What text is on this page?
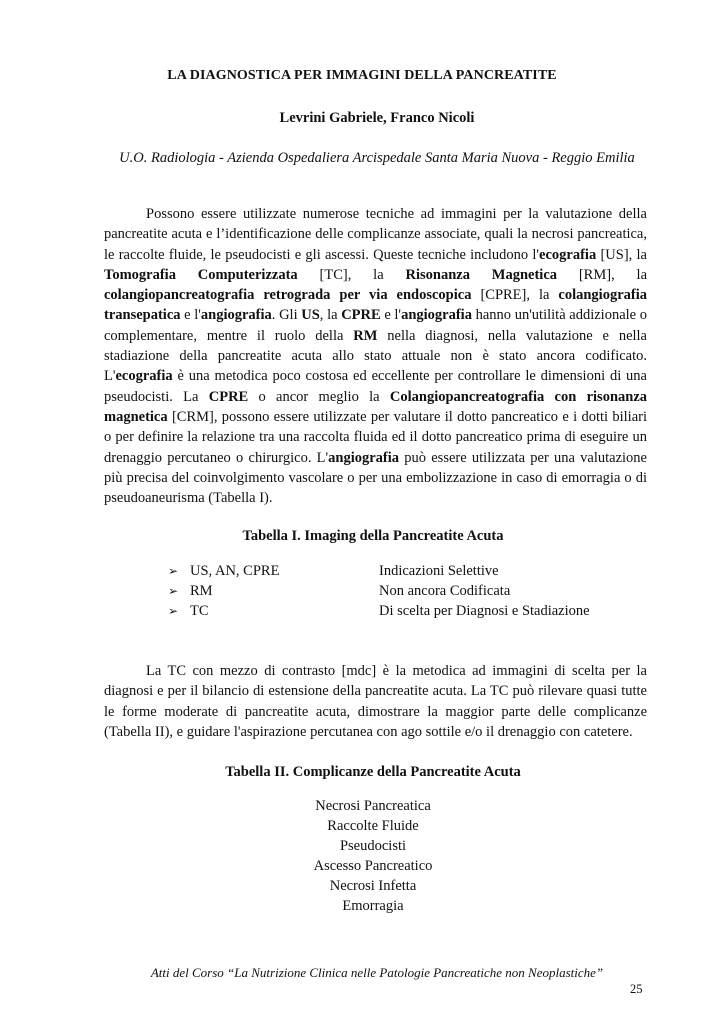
LA DIAGNOSTICA PER IMMAGINI DELLA PANCREATITE
Levrini Gabriele, Franco Nicoli
U.O. Radiologia - Azienda Ospedaliera Arcispedale Santa Maria Nuova - Reggio Emilia

Possono essere utilizzate numerose tecniche ad immagini per la valutazione della pancreatite acuta e l’identificazione delle complicanze associate, quali la necrosi pancreatica, le raccolte fluide, le pseudocisti e gli ascessi. Queste tecniche includono l'ecografia [US], la Tomografia Computerizzata [TC], la Risonanza Magnetica [RM], la colangiopancreatografia retrograda per via endoscopica [CPRE], la colangiografia transepatica e l'angiografia. Gli US, la CPRE e l'angiografia hanno un'utilità addizionale o complementare, mentre il ruolo della RM nella diagnosi, nella valutazione e nella stadiazione della pancreatite acuta allo stato attuale non è stato ancora codificato. L'ecografia è una metodica poco costosa ed eccellente per controllare le dimensioni di una pseudocisti. La CPRE o ancor meglio la Colangiopancreatografia con risonanza magnetica [CRM], possono essere utilizzate per valutare il dotto pancreatico e i dotti biliari o per definire la relazione tra una raccolta fluida ed il dotto pancreatico prima di eseguire un drenaggio percutaneo o chirurgico. L'angiografia può essere utilizzata per una valutazione più precisa del coinvolgimento vascolare o per una embolizzazione in caso di emorragia o di pseudoaneurisma (Tabella I).

Tabella I. Imaging della Pancreatite Acuta
➢ US, AN, CPRE	Indicazioni Selettive
➢ RM	Non ancora Codificata
➢ TC	Di scelta per Diagnosi e Stadiazione

La TC con mezzo di contrasto [mdc] è la metodica ad immagini di scelta per la diagnosi e per il bilancio di estensione della pancreatite acuta. La TC può rilevare quasi tutte le forme moderate di pancreatite acuta, dimostrare la maggior parte delle complicanze (Tabella II), e guidare l'aspirazione percutanea con ago sottile e/o il drenaggio con catetere.

Tabella II. Complicanze della Pancreatite Acuta
Necrosi Pancreatica
Raccolte Fluide
Pseudocisti
Ascesso Pancreatico
Necrosi Infetta
Emorragia
Atti del Corso “La Nutrizione Clinica nelle Patologie Pancreatiche non Neoplastiche”
25
